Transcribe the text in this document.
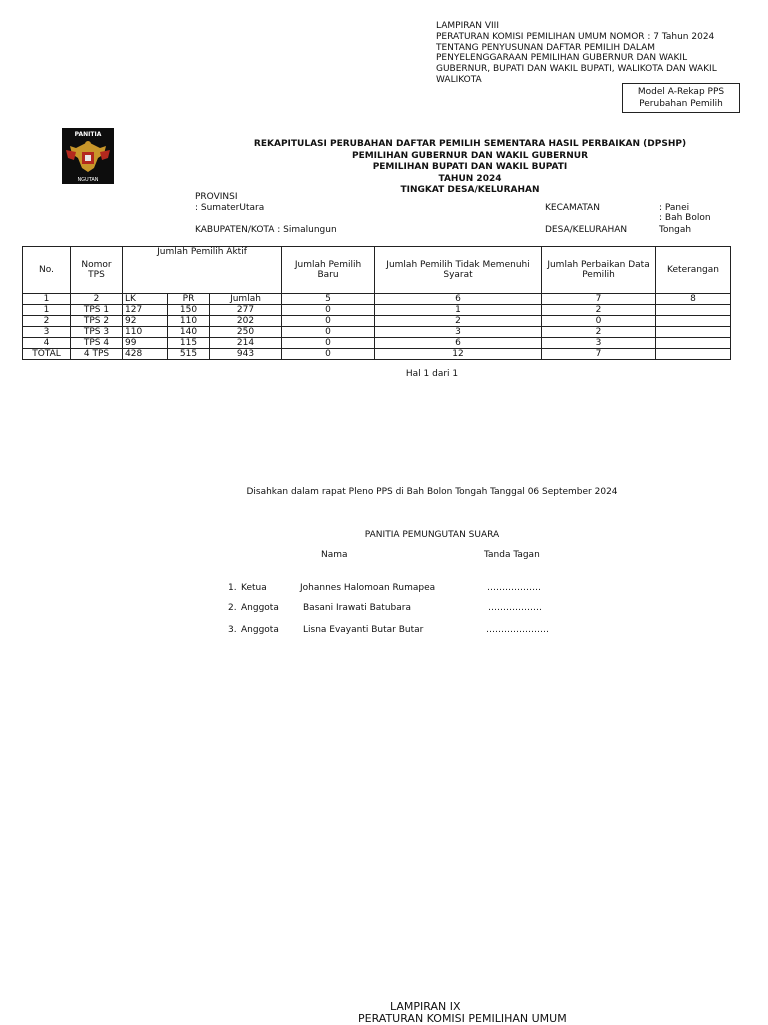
LAMPIRAN VIII
PERATURAN KOMISI PEMILIHAN UMUM NOMOR : 7 Tahun 2024
TENTANG PENYUSUNAN DAFTAR PEMILIH DALAM
PENYELENGGARAAN PEMILIHAN GUBERNUR DAN WAKIL
GUBERNUR, BUPATI DAN WAKIL BUPATI, WALIKOTA DAN WAKIL
WALIKOTA
Model A-Rekap PPS
Perubahan Pemilih
PANITIA
NGUTAN
REKAPITULASI PERUBAHAN DAFTAR PEMILIH SEMENTARA HASIL PERBAIKAN (DPSHP)
PEMILIHAN GUBERNUR DAN WAKIL GUBERNUR
PEMILIHAN BUPATI DAN WAKIL BUPATI
TAHUN 2024
TINGKAT DESA/KELURAHAN
PROVINSI
: SumaterUtara
KABUPATEN/KOTA : Simalungun
KECAMATAN	: Panei
: Bah Bolon
DESA/KELURAHAN	Tongah
No.	Nomor TPS	Jumlah Pemilih Aktif			Jumlah Pemilih Baru	Jumlah Pemilih Tidak Memenuhi Syarat	Jumlah Perbaikan Data Pemilih	Keterangan
1	2	LK	PR	Jumlah	5	6	7	8
1	TPS 1	127	150	277	0	1	2	
2	TPS 2	92	110	202	0	2	0	
3	TPS 3	110	140	250	0	3	2	
4	TPS 4	99	115	214	0	6	3	
TOTAL	4 TPS	428	515	943	0	12	7	
Hal 1 dari 1
Disahkan dalam rapat Pleno PPS di Bah Bolon Tongah Tanggal 06 September 2024
PANITIA PEMUNGUTAN SUARA
Nama	Tanda Tagan
1. Ketua	Johannes Halomoan Rumapea	………………
2. Anggota	Basani Irawati Batubara	………………
3. Anggota	Lisna Evayanti Butar Butar	…………………
LAMPIRAN IX
PERATURAN KOMISI PEMILIHAN UMUM
